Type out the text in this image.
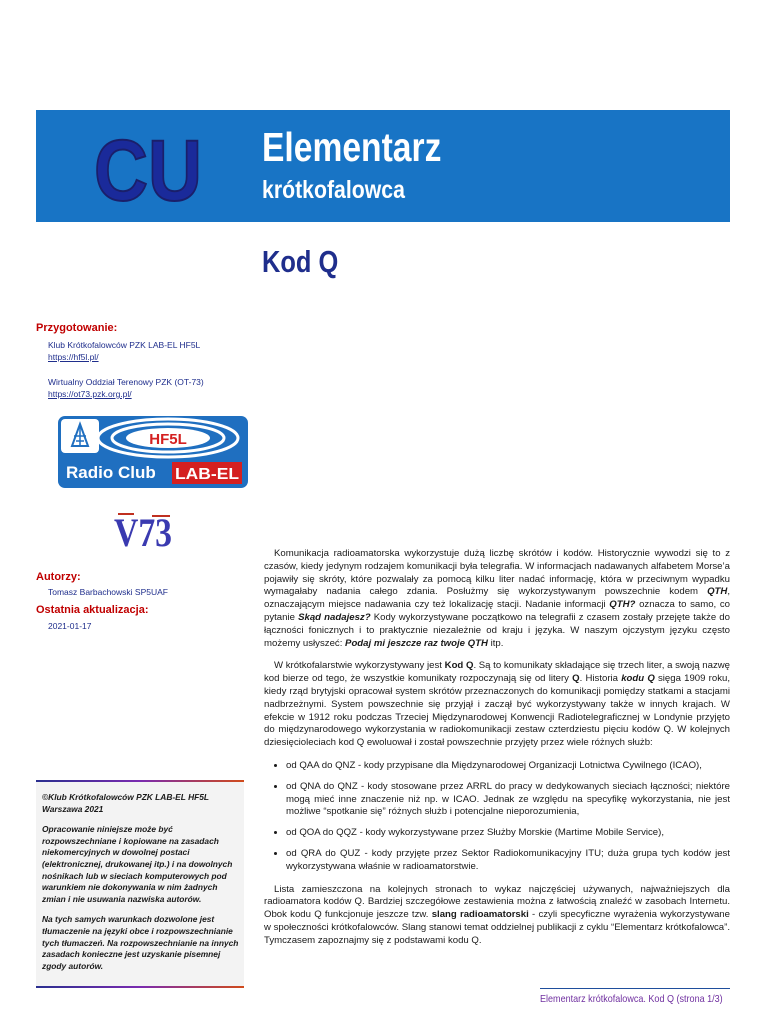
CU Elementarz
krótkofalowca
Kod Q
Przygotowanie:
Klub Krótkofalowców PZK LAB-EL HF5L
https://hf5l.pl/
Wirtualny Oddział Terenowy PZK (OT-73)
https://ot73.pzk.org.pl/
HF5L
Radio Club LAB-EL
V73
Autorzy:
Tomasz Barbachowski SP5UAF
Ostatnia aktualizacja:
2021-01-17

©Klub Krótkofalowców PZK LAB-EL HF5L
Warszawa 2021

Opracowanie niniejsze może być rozpowszechniane i kopiowane na zasadach niekomercyjnych w dowolnej postaci (elektronicznej, drukowanej itp.) i na dowolnych nośnikach lub w sieciach komputerowych pod warunkiem nie dokonywania w nim żadnych zmian i nie usuwania nazwiska autorów.

Na tych samych warunkach dozwolone jest tłumaczenie na języki obce i rozpowszechnianie tych tłumaczeń. Na rozpowszechnianie na innych zasadach konieczne jest uzyskanie pisemnej zgody autorów.

Komunikacja radioamatorska wykorzystuje dużą liczbę skrótów i kodów. Historycznie wywodzi się to z czasów, kiedy jedynym rodzajem komunikacji była telegrafia. W informacjach nadawanych alfabetem Morse’a pojawiły się skróty, które pozwalały za pomocą kilku liter nadać informację, która w przeciwnym wypadku wymagałaby nadania całego zdania. Posłużmy się wykorzystywanym powszechnie kodem QTH, oznaczającym miejsce nadawania czy też lokalizację stacji. Nadanie informacji QTH? oznacza to samo, co pytanie Skąd nadajesz? Kody wykorzystywane początkowo na telegrafii z czasem zostały przejęte także do łączności fonicznych i to praktycznie niezależnie od kraju i języka. W naszym ojczystym języku często możemy usłyszeć: Podaj mi jeszcze raz twoje QTH itp.

W krótkofalarstwie wykorzystywany jest Kod Q. Są to komunikaty składające się trzech liter, a swoją nazwę kod bierze od tego, że wszystkie komunikaty rozpoczynają się od litery Q. Historia kodu Q sięga 1909 roku, kiedy rząd brytyjski opracował system skrótów przeznaczonych do komunikacji pomiędzy statkami a stacjami nadbrzeżnymi. System powszechnie się przyjął i zaczął być wykorzystywany także w innych krajach. W efekcie w 1912 roku podczas Trzeciej Międzynarodowej Konwencji Radiotelegraficznej w Londynie przyjęto do międzynarodowego wykorzystania w radiokomunikacji zestaw czterdziestu pięciu kodów Q. W kolejnych dziesięcioleciach kod Q ewoluował i został powszechnie przyjęty przez wiele różnych służb:

• od QAA do QNZ - kody przypisane dla Międzynarodowej Organizacji Lotnictwa Cywilnego (ICAO),
• od QNA do QNZ - kody stosowane przez ARRL do pracy w dedykowanych sieciach łączności; niektóre mogą mieć inne znaczenie niż np. w ICAO. Jednak ze względu na specyfikę wykorzystania, nie jest możliwe “spotkanie się” różnych służb i potencjalne nieporozumienia,
• od QOA do QQZ - kody wykorzystywane przez Służby Morskie (Martime Mobile Service),
• od QRA do QUZ - kody przyjęte przez Sektor Radiokomunikacyjny ITU; duża grupa tych kodów jest wykorzystywana właśnie w radioamatorstwie.

Lista zamieszczona na kolejnych stronach to wykaz najczęściej używanych, najważniejszych dla radioamatora kodów Q. Bardziej szczegółowe zestawienia można z łatwością znaleźć w zasobach Internetu. Obok kodu Q funkcjonuje jeszcze tzw. slang radioamatorski - czyli specyficzne wyrażenia wykorzystywane w społeczności krótkofalowców. Slang stanowi temat oddzielnej publikacji z cyklu “Elementarz krótkofalowca”. Tymczasem zapoznajmy się z podstawami kodu Q.

Elementarz krótkofalowca. Kod Q (strona 1/3)
